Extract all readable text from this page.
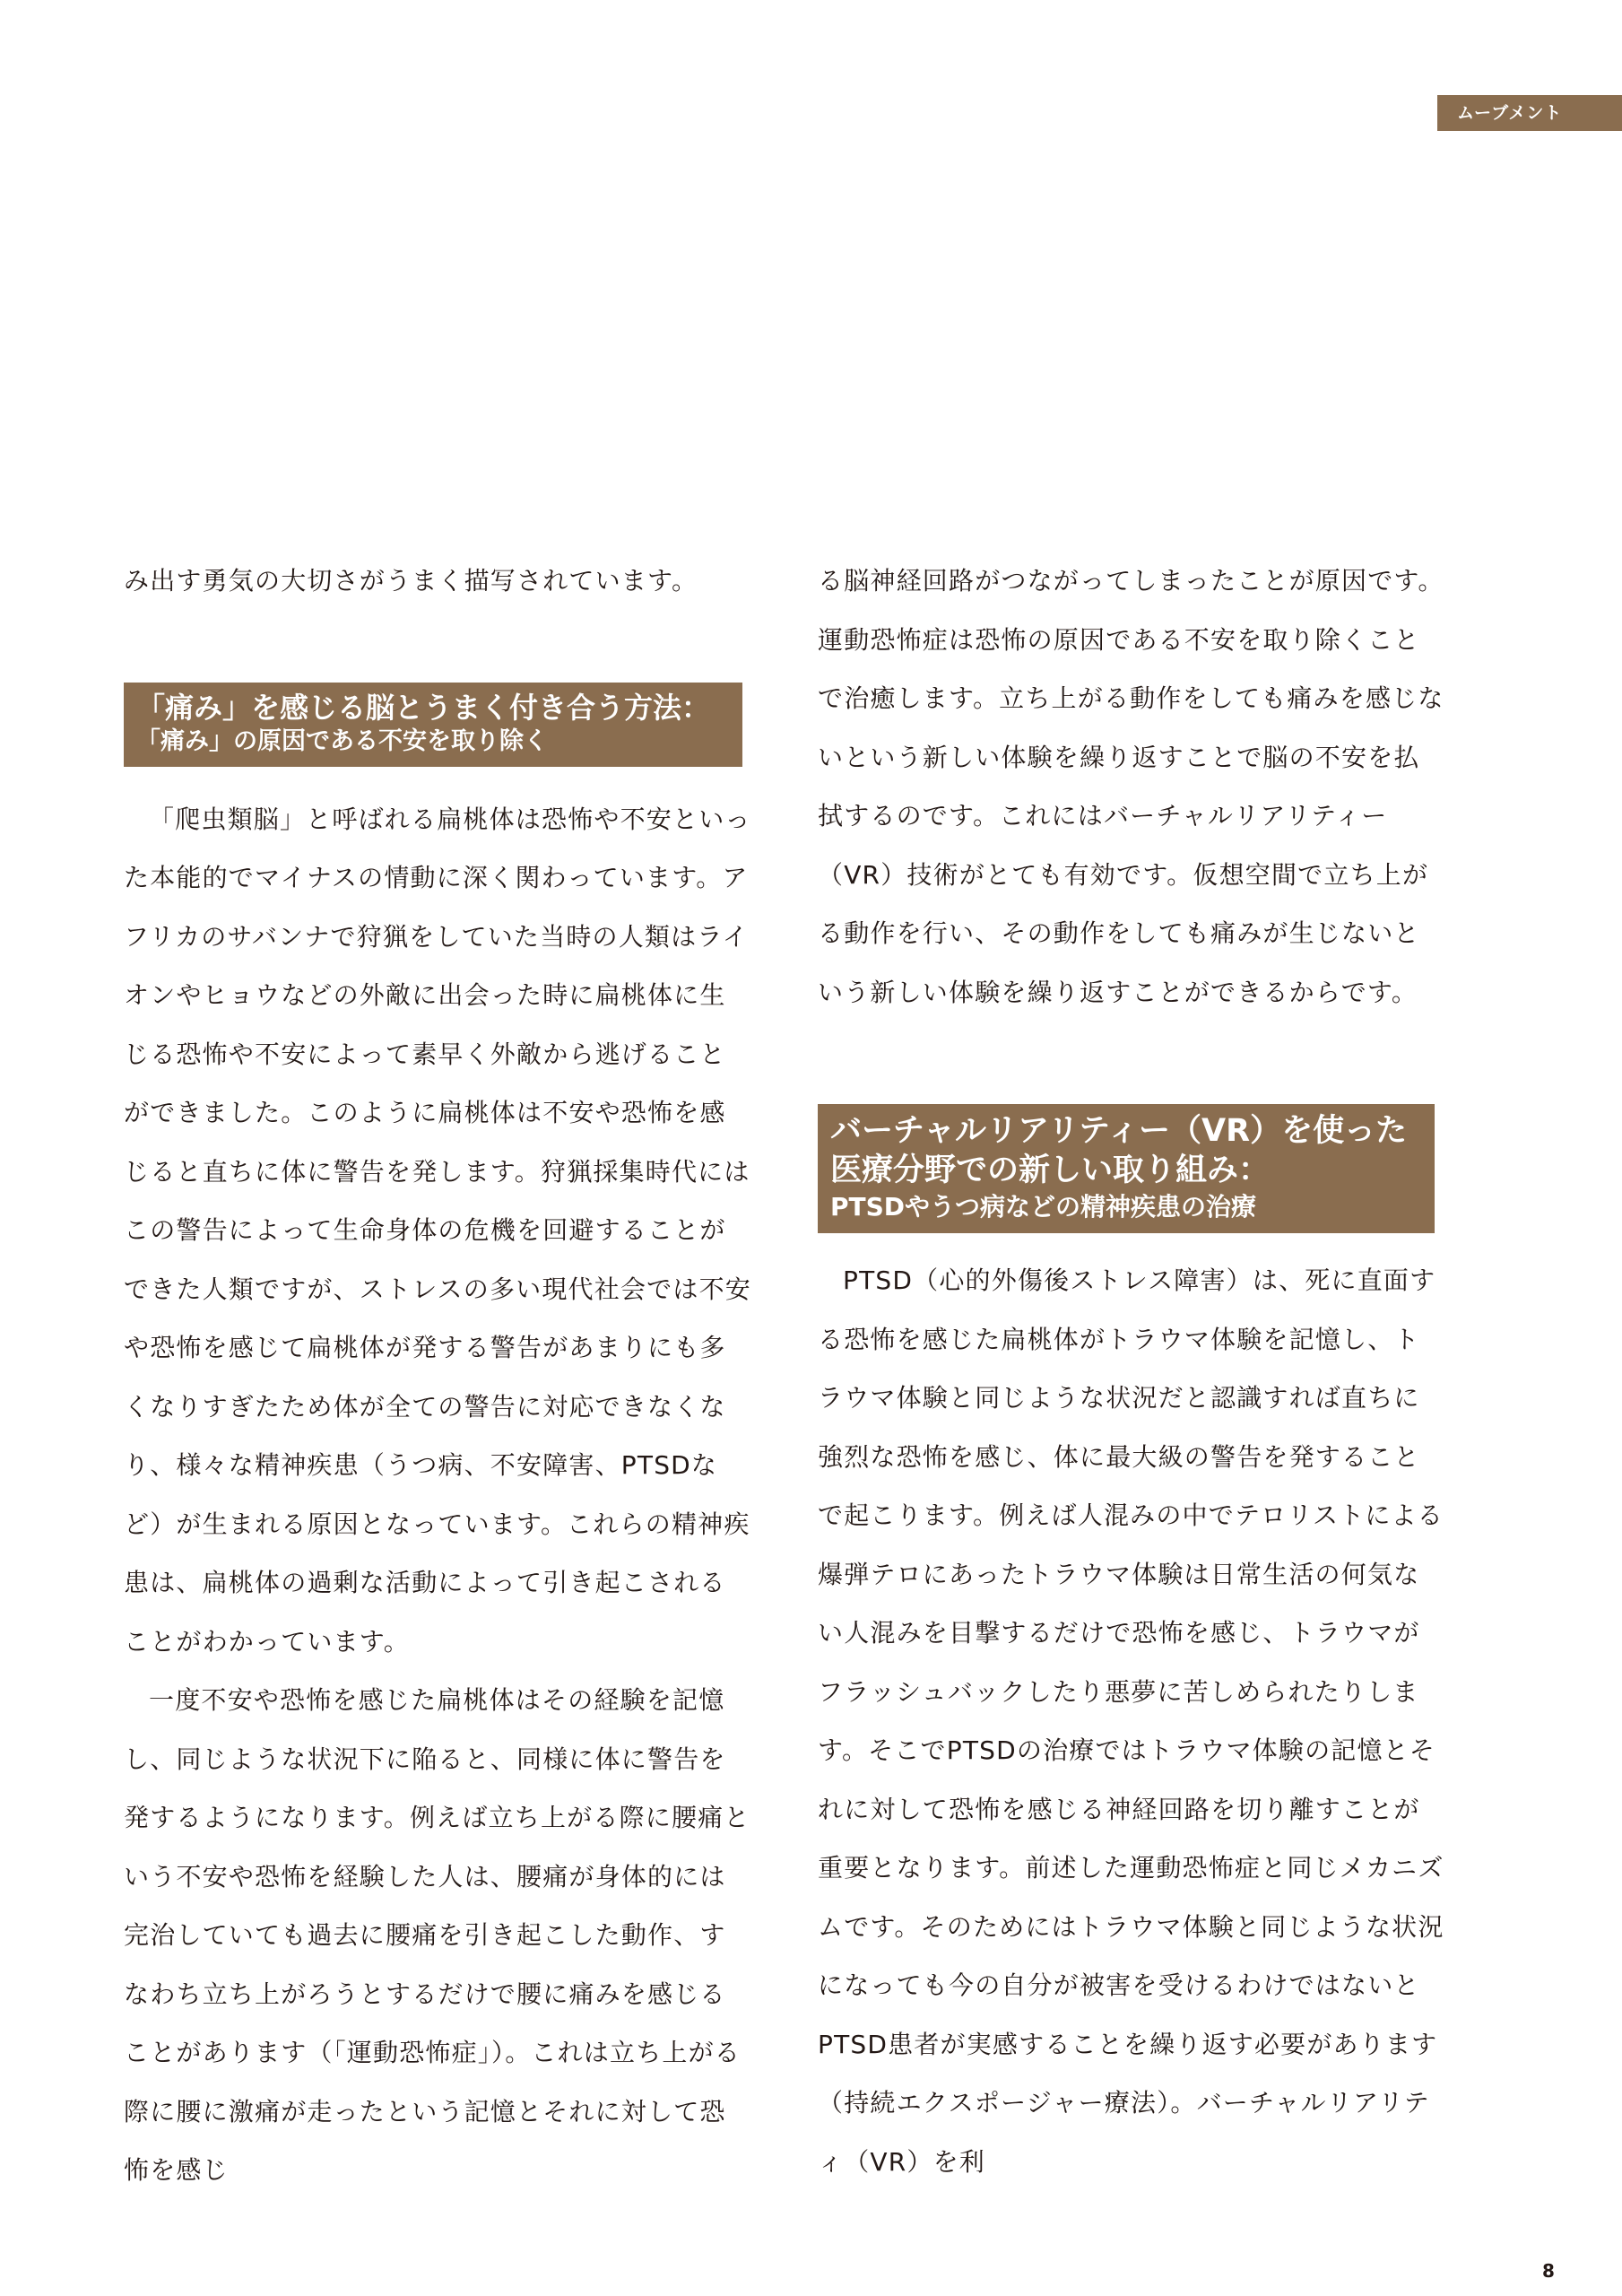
ムーブメント

み出す勇気の大切さがうまく描写されています。

「痛み」を感じる脳とうまく付き合う方法：
「痛み」の原因である不安を取り除く

「爬虫類脳」と呼ばれる扁桃体は恐怖や不安といった本能的でマイナスの情動に深く関わっています。アフリカのサバンナで狩猟をしていた当時の人類はライオンやヒョウなどの外敵に出会った時に扁桃体に生じる恐怖や不安によって素早く外敵から逃げることができました。このように扁桃体は不安や恐怖を感じると直ちに体に警告を発します。狩猟採集時代にはこの警告によって生命身体の危機を回避することができた人類ですが、ストレスの多い現代社会では不安や恐怖を感じて扁桃体が発する警告があまりにも多くなりすぎたため体が全ての警告に対応できなくなり、様々な精神疾患（うつ病、不安障害、PTSDなど）が生まれる原因となっています。これらの精神疾患は、扁桃体の過剰な活動によって引き起こされることがわかっています。

一度不安や恐怖を感じた扁桃体はその経験を記憶し、同じような状況下に陥ると、同様に体に警告を発するようになります。例えば立ち上がる際に腰痛という不安や恐怖を経験した人は、腰痛が身体的には完治していても過去に腰痛を引き起こした動作、すなわち立ち上がろうとするだけで腰に痛みを感じることがあります（「運動恐怖症」）。これは立ち上がる際に腰に激痛が走ったという記憶とそれに対して恐怖を感じ

る脳神経回路がつながってしまったことが原因です。運動恐怖症は恐怖の原因である不安を取り除くことで治癒します。立ち上がる動作をしても痛みを感じないという新しい体験を繰り返すことで脳の不安を払拭するのです。これにはバーチャルリアリティー（VR）技術がとても有効です。仮想空間で立ち上がる動作を行い、その動作をしても痛みが生じないという新しい体験を繰り返すことができるからです。

バーチャルリアリティー（VR）を使った
医療分野での新しい取り組み：
PTSDやうつ病などの精神疾患の治療

PTSD（心的外傷後ストレス障害）は、死に直面する恐怖を感じた扁桃体がトラウマ体験を記憶し、トラウマ体験と同じような状況だと認識すれば直ちに強烈な恐怖を感じ、体に最大級の警告を発することで起こります。例えば人混みの中でテロリストによる爆弾テロにあったトラウマ体験は日常生活の何気ない人混みを目撃するだけで恐怖を感じ、トラウマがフラッシュバックしたり悪夢に苦しめられたりします。そこでPTSDの治療ではトラウマ体験の記憶とそれに対して恐怖を感じる神経回路を切り離すことが重要となります。前述した運動恐怖症と同じメカニズムです。そのためにはトラウマ体験と同じような状況になっても今の自分が被害を受けるわけではないとPTSD患者が実感することを繰り返す必要があります（持続エクスポージャー療法）。バーチャルリアリティ（VR）を利

8
